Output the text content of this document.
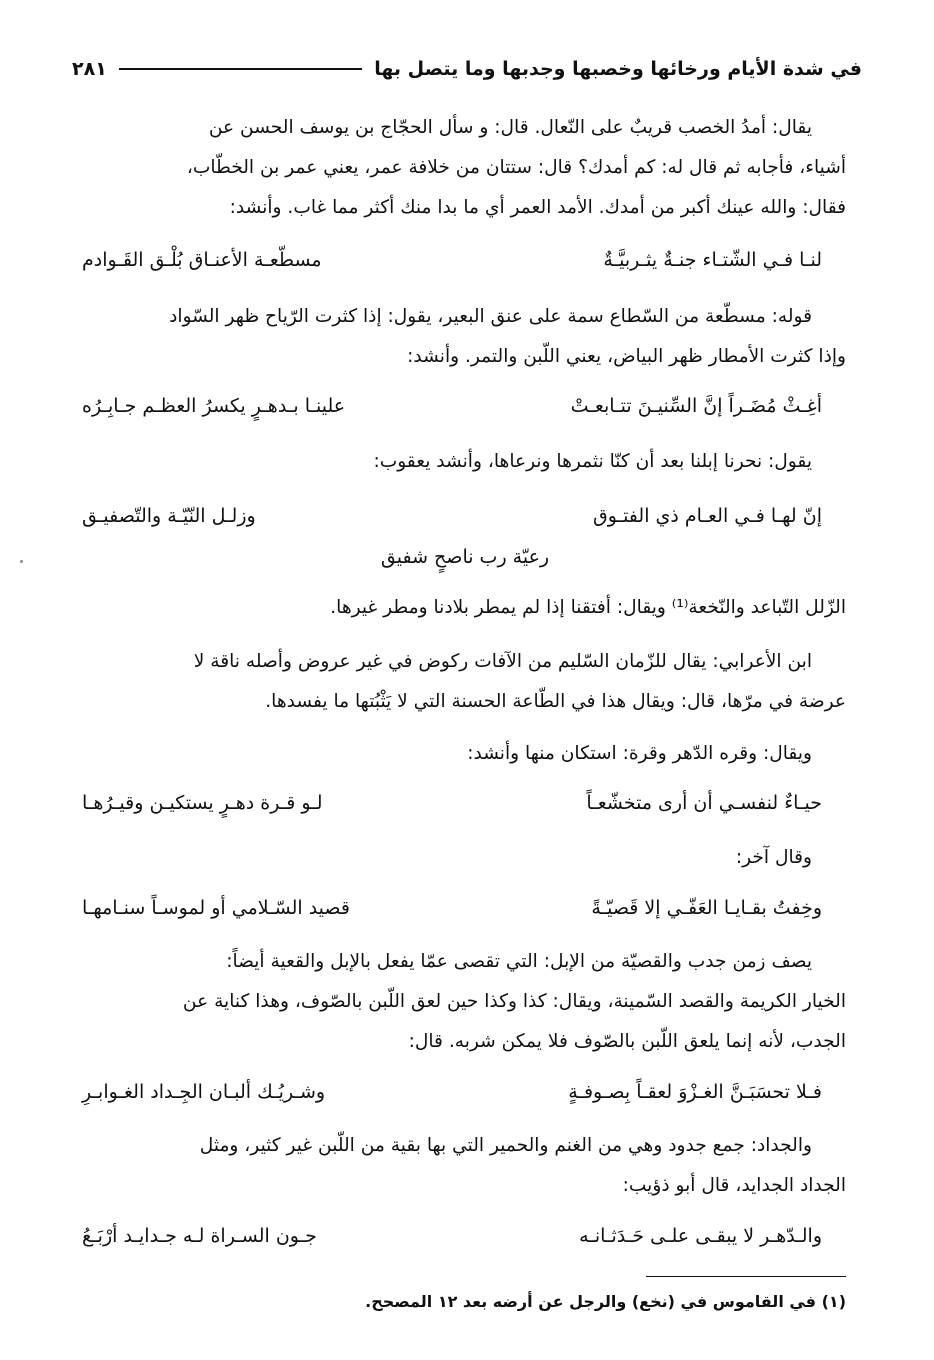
في شدة الأيام ورخائها وخصبها وجدبها وما يتصل بها
٢٨١
يقال: أمدُ الخصب قريبٌ على النّعال. قال: و سأل الحجّاج بن يوسف الحسن عن
أشياء، فأجابه ثم قال له: كم أمدك؟ قال: ستتان من خلافة عمر، يعني عمر بن الخطّاب،
فقال: والله عينك أكبر من أمدك. الأمد العمر أي ما بدا منك أكثر مما غاب. وأنشد:
لنـا فـي الشّتـاء جنـةٌ يثـربيَّـةٌ
مسطّعـة الأعنـاق بُلْـق القَـوادم
قوله: مسطّعة من السّطاع سمة على عنق البعير، يقول: إذا كثرت الرّياح ظهر السّواد
وإذا كثرت الأمطار ظهر البياض، يعني اللّبن والتمر. وأنشد:
أغِـثْ مُضَـراً إنَّ السِّنيـنَ تتـابعـتْ
علينـا بـدهـرٍ يكسرُ العظـم جـابِـرُه
يقول: نحرنا إبلنا بعد أن كنّا نثمرها ونرعاها، وأنشد يعقوب:
إنّ لهـا فـي العـام ذي الفتـوق
وزلـل النّيّـة والتّصفيـق
رعيّة رب ناصحٍ شفيق
الزّلل التّباعد والنّخعة⁽¹⁾ ويقال: أفتقنا إذا لم يمطر بلادنا ومطر غيرها.
ابن الأعرابي: يقال للزّمان السّليم من الآفات ركوض في غير عروض وأصله ناقة لا
عرضة في مرّها، قال: ويقال هذا في الطّاعة الحسنة التي لا يَثْبُتها ما يفسدها.
ويقال: وقره الدّهر وقرة: استكان منها وأنشد:
حيـاءٌ لنفسـي أن أرى متخشّعـاً
لـو قـرة دهـرٍ يستكيـن وقيـرُهـا
وقال آخر:
وخِفتُ بقـايـا العَفّـي إلا قَصيّـةً
قصيد السّـلامي أو لموسـاً سنـامهـا
يصف زمن جدب والقصيّة من الإبل: التي تقصى عمّا يفعل بالإبل والقعية أيضاً:
الخيار الكريمة والقصد السّمينة، ويقال: كذا وكذا حين لعق اللّبن بالصّوف، وهذا كناية عن
الجدب، لأنه إنما يلعق اللّبن بالصّوف فلا يمكن شربه. قال:
فـلا تحسَبَـنَّ الغـزْوَ لعقـاً بِصـوفـةٍ
وشـريُـك ألبـان الجِـداد الغـوابـرِ
والجداد: جمع جدود وهي من الغنم والحمير التي بها بقية من اللّبن غير كثير، ومثل
الجداد الجدايد، قال أبو ذؤيب:
والـدّهـر لا يبقـى علـى حَـدَثـانـه
جـون السـراة لـه جـدايـد أرْبَـعُ
(١) في القاموس في (نخع) والرجل عن أرضه بعد ١٢ المصحح.
